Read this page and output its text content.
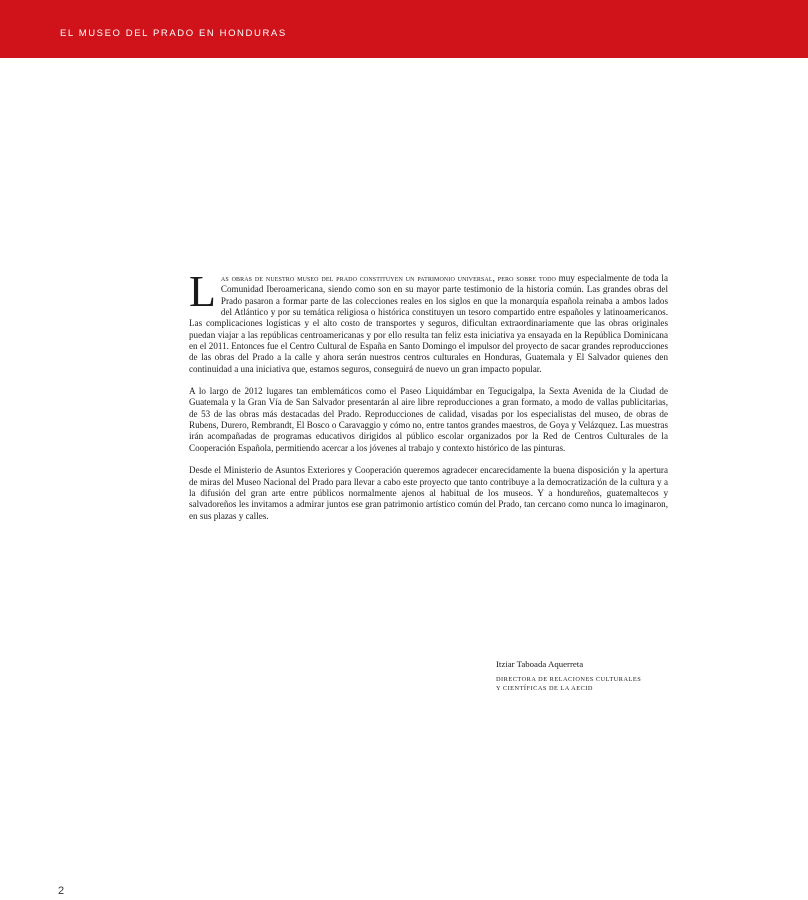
EL MUSEO DEL PRADO EN HONDURAS

Las obras de nuestro museo del prado constituyen un patrimonio universal, pero sobre todo muy especialmente de toda la Comunidad Iberoamericana, siendo como son en su mayor parte testimonio de la historia común. Las grandes obras del Prado pasaron a formar parte de las colecciones reales en los siglos en que la monarquía española reinaba a ambos lados del Atlántico y por su temática religiosa o histórica constituyen un tesoro compartido entre españoles y latinoamericanos. Las complicaciones logísticas y el alto costo de transportes y seguros, dificultan extraordinariamente que las obras originales puedan viajar a las repúblicas centroamericanas y por ello resulta tan feliz esta iniciativa ya ensayada en la República Dominicana en el 2011. Entonces fue el Centro Cultural de España en Santo Domingo el impulsor del proyecto de sacar grandes reproducciones de las obras del Prado a la calle y ahora serán nuestros centros culturales en Honduras, Guatemala y El Salvador quienes den continuidad a una iniciativa que, estamos seguros, conseguirá de nuevo un gran impacto popular.

A lo largo de 2012 lugares tan emblemáticos como el Paseo Liquidámbar en Tegucigalpa, la Sexta Avenida de la Ciudad de Guatemala y la Gran Vía de San Salvador presentarán al aire libre reproducciones a gran formato, a modo de vallas publicitarias, de 53 de las obras más destacadas del Prado. Reproducciones de calidad, visadas por los especialistas del museo, de obras de Rubens, Durero, Rembrandt, El Bosco o Caravaggio y cómo no, entre tantos grandes maestros, de Goya y Velázquez. Las muestras irán acompañadas de programas educativos dirigidos al público escolar organizados por la Red de Centros Culturales de la Cooperación Española, permitiendo acercar a los jóvenes al trabajo y contexto histórico de las pinturas.

Desde el Ministerio de Asuntos Exteriores y Cooperación queremos agradecer encarecidamente la buena disposición y la apertura de miras del Museo Nacional del Prado para llevar a cabo este proyecto que tanto contribuye a la democratización de la cultura y a la difusión del gran arte entre públicos normalmente ajenos al habitual de los museos. Y a hondureños, guatemaltecos y salvadoreños les invitamos a admirar juntos ese gran patrimonio artístico común del Prado, tan cercano como nunca lo imaginaron, en sus plazas y calles.

Itziar Taboada Aquerreta

DIRECTORA DE RELACIONES CULTURALES

Y CIENTÍFICAS DE LA AECID

2
